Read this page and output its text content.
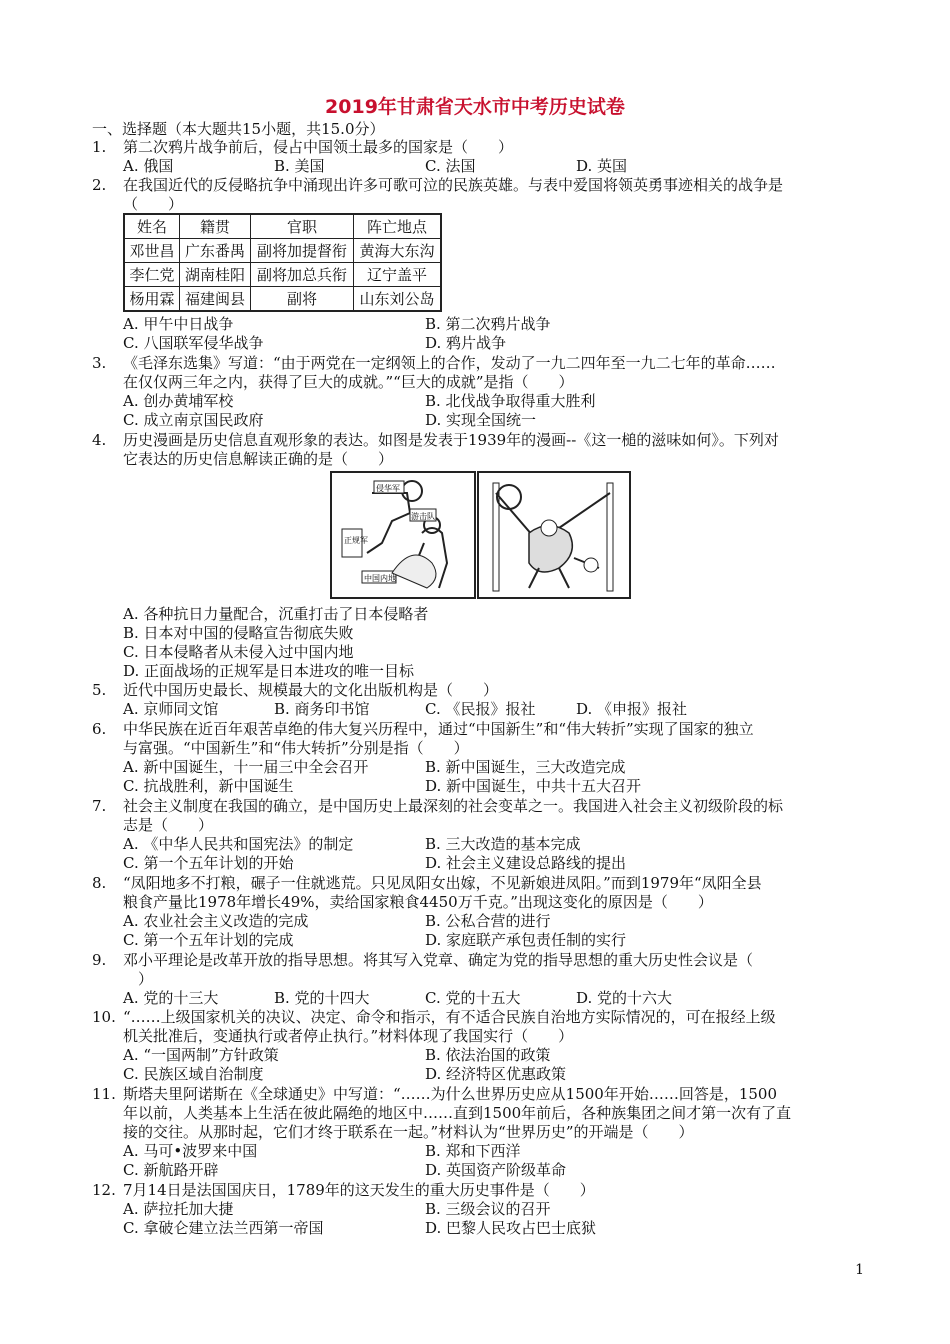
2019年甘肃省天水市中考历史试卷
一、选择题（本大题共15小题，共15.0分）
1. 第二次鸦片战争前后，侵占中国领土最多的国家是（　　）
A. 俄国	B. 美国	C. 法国	D. 英国
2. 在我国近代的反侵略抗争中涌现出许多可歌可泣的民族英雄。与表中爱国将领英勇事迹相关的战争是
（　　）
姓名	籍贯	官职	阵亡地点
邓世昌	广东番禺	副将加提督衔	黄海大东沟
李仁党	湖南桂阳	副将加总兵衔	辽宁盖平
杨用霖	福建闽县	副将	山东刘公岛
A. 甲午中日战争	B. 第二次鸦片战争
C. 八国联军侵华战争	D. 鸦片战争
3. 《毛泽东选集》写道：“由于两党在一定纲领上的合作，发动了一九二四年至一九二七年的革命……
在仅仅两三年之内，获得了巨大的成就。”“巨大的成就”是指（　　）
A. 创办黄埔军校	B. 北伐战争取得重大胜利
C. 成立南京国民政府	D. 实现全国统一
4. 历史漫画是历史信息直观形象的表达。如图是发表于1939年的漫画--《这一槌的滋味如何》。下列对
它表达的历史信息解读正确的是（　　）
侵华军
游击队
正规军
中国内地
A. 各种抗日力量配合，沉重打击了日本侵略者
B. 日本对中国的侵略宣告彻底失败
C. 日本侵略者从未侵入过中国内地
D. 正面战场的正规军是日本进攻的唯一目标
5. 近代中国历史最长、规模最大的文化出版机构是（　　）
A. 京师同文馆	B. 商务印书馆	C. 《民报》报社	D. 《申报》报社
6. 中华民族在近百年艰苦卓绝的伟大复兴历程中，通过“中国新生”和“伟大转折”实现了国家的独立
与富强。“中国新生”和“伟大转折”分别是指（　　）
A. 新中国诞生，十一届三中全会召开	B. 新中国诞生，三大改造完成
C. 抗战胜利，新中国诞生	D. 新中国诞生，中共十五大召开
7. 社会主义制度在我国的确立，是中国历史上最深刻的社会变革之一。我国进入社会主义初级阶段的标
志是（　　）
A. 《中华人民共和国宪法》的制定	B. 三大改造的基本完成
C. 第一个五年计划的开始	D. 社会主义建设总路线的提出
8. “凤阳地多不打粮，碾子一住就逃荒。只见凤阳女出嫁，不见新娘进凤阳。”而到1979年“凤阳全县
粮食产量比1978年增长49%，卖给国家粮食4450万千克。”出现这变化的原因是（　　）
A. 农业社会主义改造的完成	B. 公私合营的进行
C. 第一个五年计划的完成	D. 家庭联产承包责任制的实行
9. 邓小平理论是改革开放的指导思想。将其写入党章、确定为党的指导思想的重大历史性会议是（
　）
A. 党的十三大	B. 党的十四大	C. 党的十五大	D. 党的十六大
10. “……上级国家机关的决议、决定、命令和指示，有不适合民族自治地方实际情况的，可在报经上级
机关批准后，变通执行或者停止执行。”材料体现了我国实行（　　）
A. “一国两制”方针政策	B. 依法治国的政策
C. 民族区域自治制度	D. 经济特区优惠政策
11. 斯塔夫里阿诺斯在《全球通史》中写道：“……为什么世界历史应从1500年开始……回答是，1500
年以前，人类基本上生活在彼此隔绝的地区中……直到1500年前后，各种族集团之间才第一次有了直
接的交往。从那时起，它们才终于联系在一起。”材料认为“世界历史”的开端是（　　）
A. 马可•波罗来中国	B. 郑和下西洋
C. 新航路开辟	D. 英国资产阶级革命
12. 7月14日是法国国庆日，1789年的这天发生的重大历史事件是（　　）
A. 萨拉托加大捷	B. 三级会议的召开
C. 拿破仑建立法兰西第一帝国	D. 巴黎人民攻占巴士底狱
1
